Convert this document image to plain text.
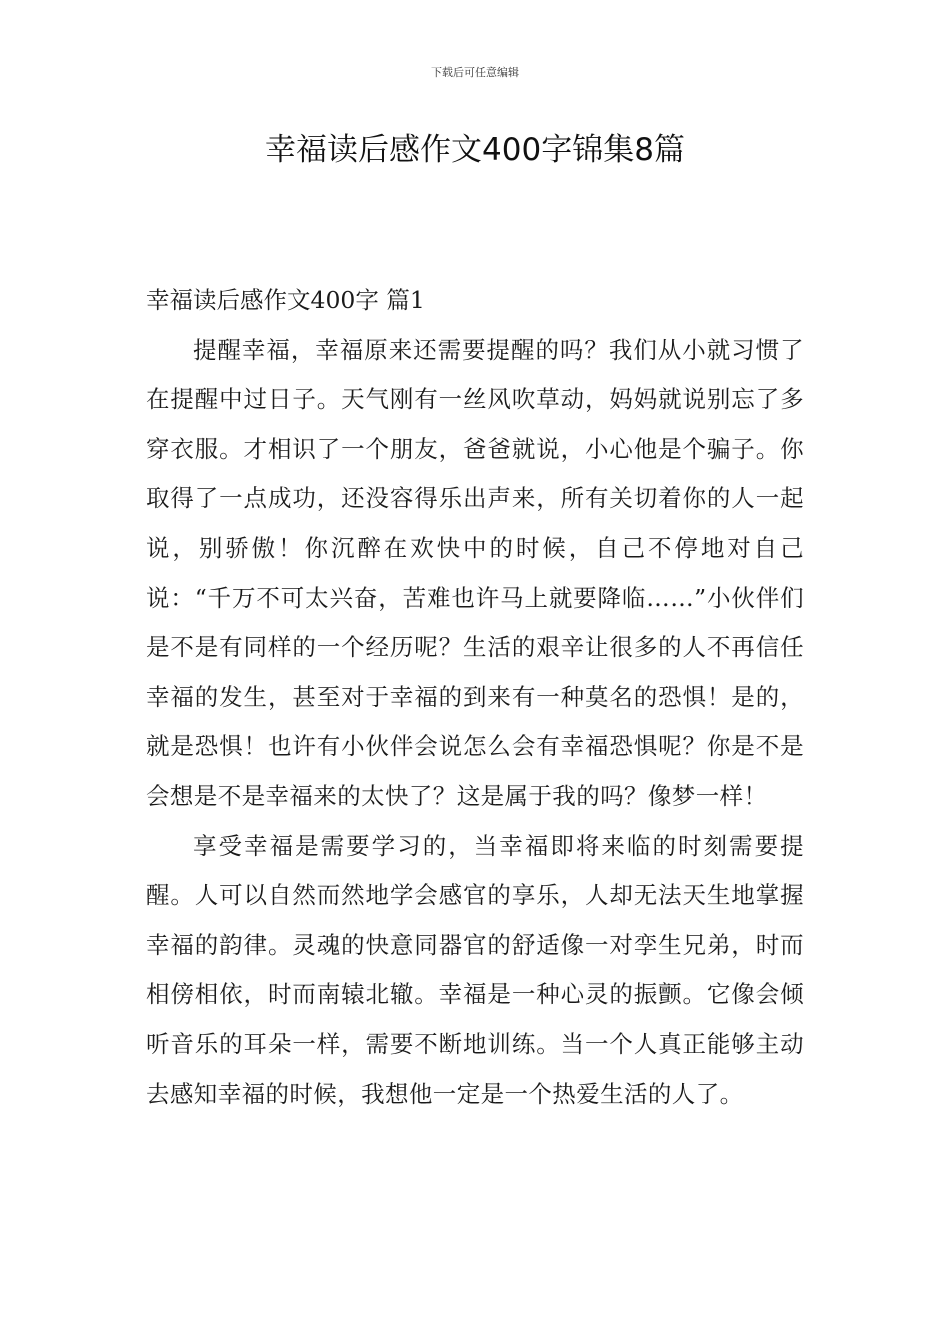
下载后可任意编辑
幸福读后感作文400字锦集8篇
幸福读后感作文400字 篇1

提醒幸福，幸福原来还需要提醒的吗？我们从小就习惯了在提醒中过日子。天气刚有一丝风吹草动，妈妈就说别忘了多穿衣服。才相识了一个朋友，爸爸就说，小心他是个骗子。你取得了一点成功，还没容得乐出声来，所有关切着你的人一起说，别骄傲！你沉醉在欢快中的时候，自己不停地对自己说：“千万不可太兴奋，苦难也许马上就要降临……”小伙伴们是不是有同样的一个经历呢？生活的艰辛让很多的人不再信任幸福的发生，甚至对于幸福的到来有一种莫名的恐惧！是的，就是恐惧！也许有小伙伴会说怎么会有幸福恐惧呢？你是不是会想是不是幸福来的太快了？这是属于我的吗？像梦一样！

享受幸福是需要学习的，当幸福即将来临的时刻需要提醒。人可以自然而然地学会感官的享乐，人却无法天生地掌握幸福的韵律。灵魂的快意同器官的舒适像一对孪生兄弟，时而相傍相依，时而南辕北辙。幸福是一种心灵的振颤。它像会倾听音乐的耳朵一样，需要不断地训练。当一个人真正能够主动去感知幸福的时候，我想他一定是一个热爱生活的人了。
